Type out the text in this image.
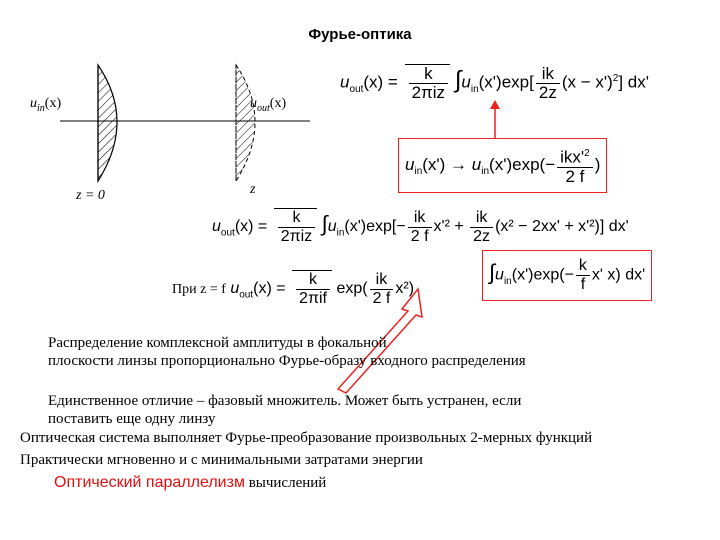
Фурье-оптика
$u_{in}(x)$	$u_{out}(x)$
z = 0	z
$u_{out}(x) = \frac{k}{\text{2πiz}} \int u_{in}(x')\exp[ \frac{ik}{2z} (x - x')^2]$ dx'
$u_{in}(x') \to u_{in}(x')\exp(- \frac{ikx'^2}{2 f}$ )
$u_{out}(x) = \frac{k}{\text{2πiz}} \int u_{in}(x')\exp[- \frac{ik}{2 f} x'^2 + \frac{ik}{2z} (x^2 - 2xx' + x'^2)]$ dx'
При z = f $u_{out}(x) = \frac{k}{\text{2πif}} \exp( \frac{ik}{2 f} x^2)$
$\int u_{in}(x')\exp(- \frac{k}{f} x'$ x) dx'
Распределение комплексной амплитуды в фокальной
плоскости линзы пропорционально Фурье-образу входного распределения
Единственное отличие – фазовый множитель. Может быть устранен, если
поставить еще одну линзу
Оптическая система выполняет Фурье-преобразование произвольных 2-мерных функций
Практически мгновенно и с минимальными затратами энергии
Оптический параллелизм вычислений
